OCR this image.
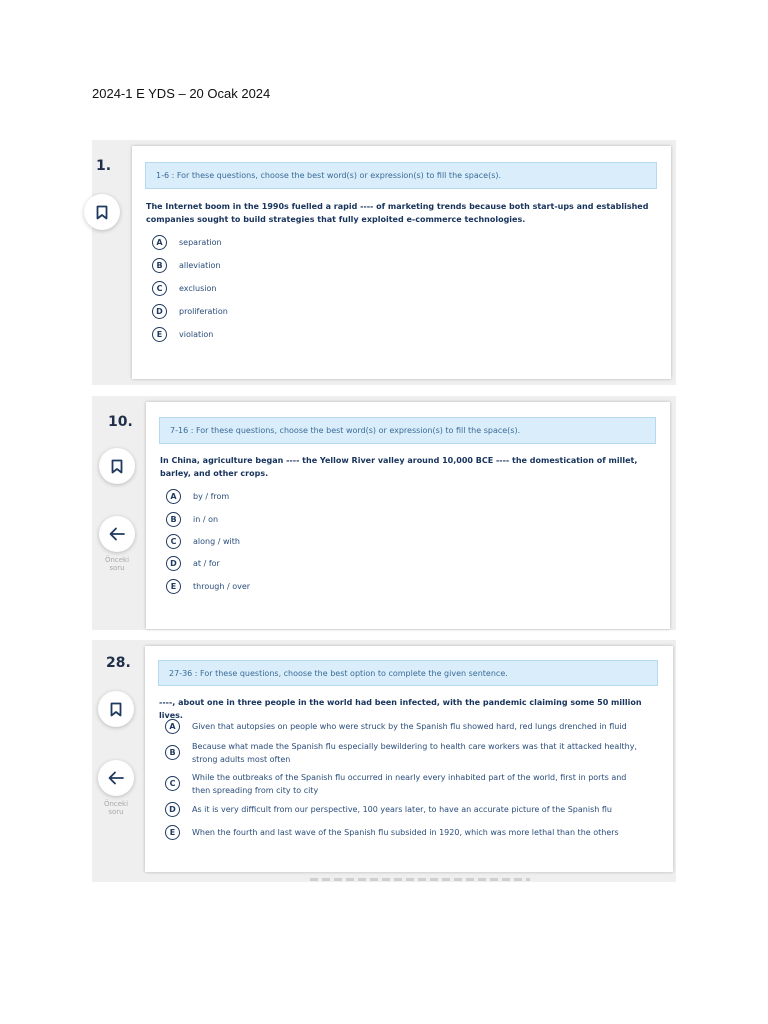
2024-1 E YDS – 20 Ocak 2024
1.
1-6 : For these questions, choose the best word(s) or expression(s) to fill the space(s).
The Internet boom in the 1990s fuelled a rapid ---- of marketing trends because both start-ups and established companies sought to build strategies that fully exploited e-commerce technologies.
A	separation
B	alleviation
C	exclusion
D	proliferation
E	violation
10.
Önceki soru
7-16 : For these questions, choose the best word(s) or expression(s) to fill the space(s).
In China, agriculture began ---- the Yellow River valley around 10,000 BCE ---- the domestication of millet, barley, and other crops.
A	by / from
B	in / on
C	along / with
D	at / for
E	through / over
28.
Önceki soru
27-36 : For these questions, choose the best option to complete the given sentence.
----, about one in three people in the world had been infected, with the pandemic claiming some 50 million lives.
A	Given that autopsies on people who were struck by the Spanish flu showed hard, red lungs drenched in fluid
B
Because what made the Spanish flu especially bewildering to health care workers was that it attacked healthy, strong adults most often
C
While the outbreaks of the Spanish flu occurred in nearly every inhabited part of the world, first in ports and then spreading from city to city
D	As it is very difficult from our perspective, 100 years later, to have an accurate picture of the Spanish flu
E	When the fourth and last wave of the Spanish flu subsided in 1920, which was more lethal than the others
